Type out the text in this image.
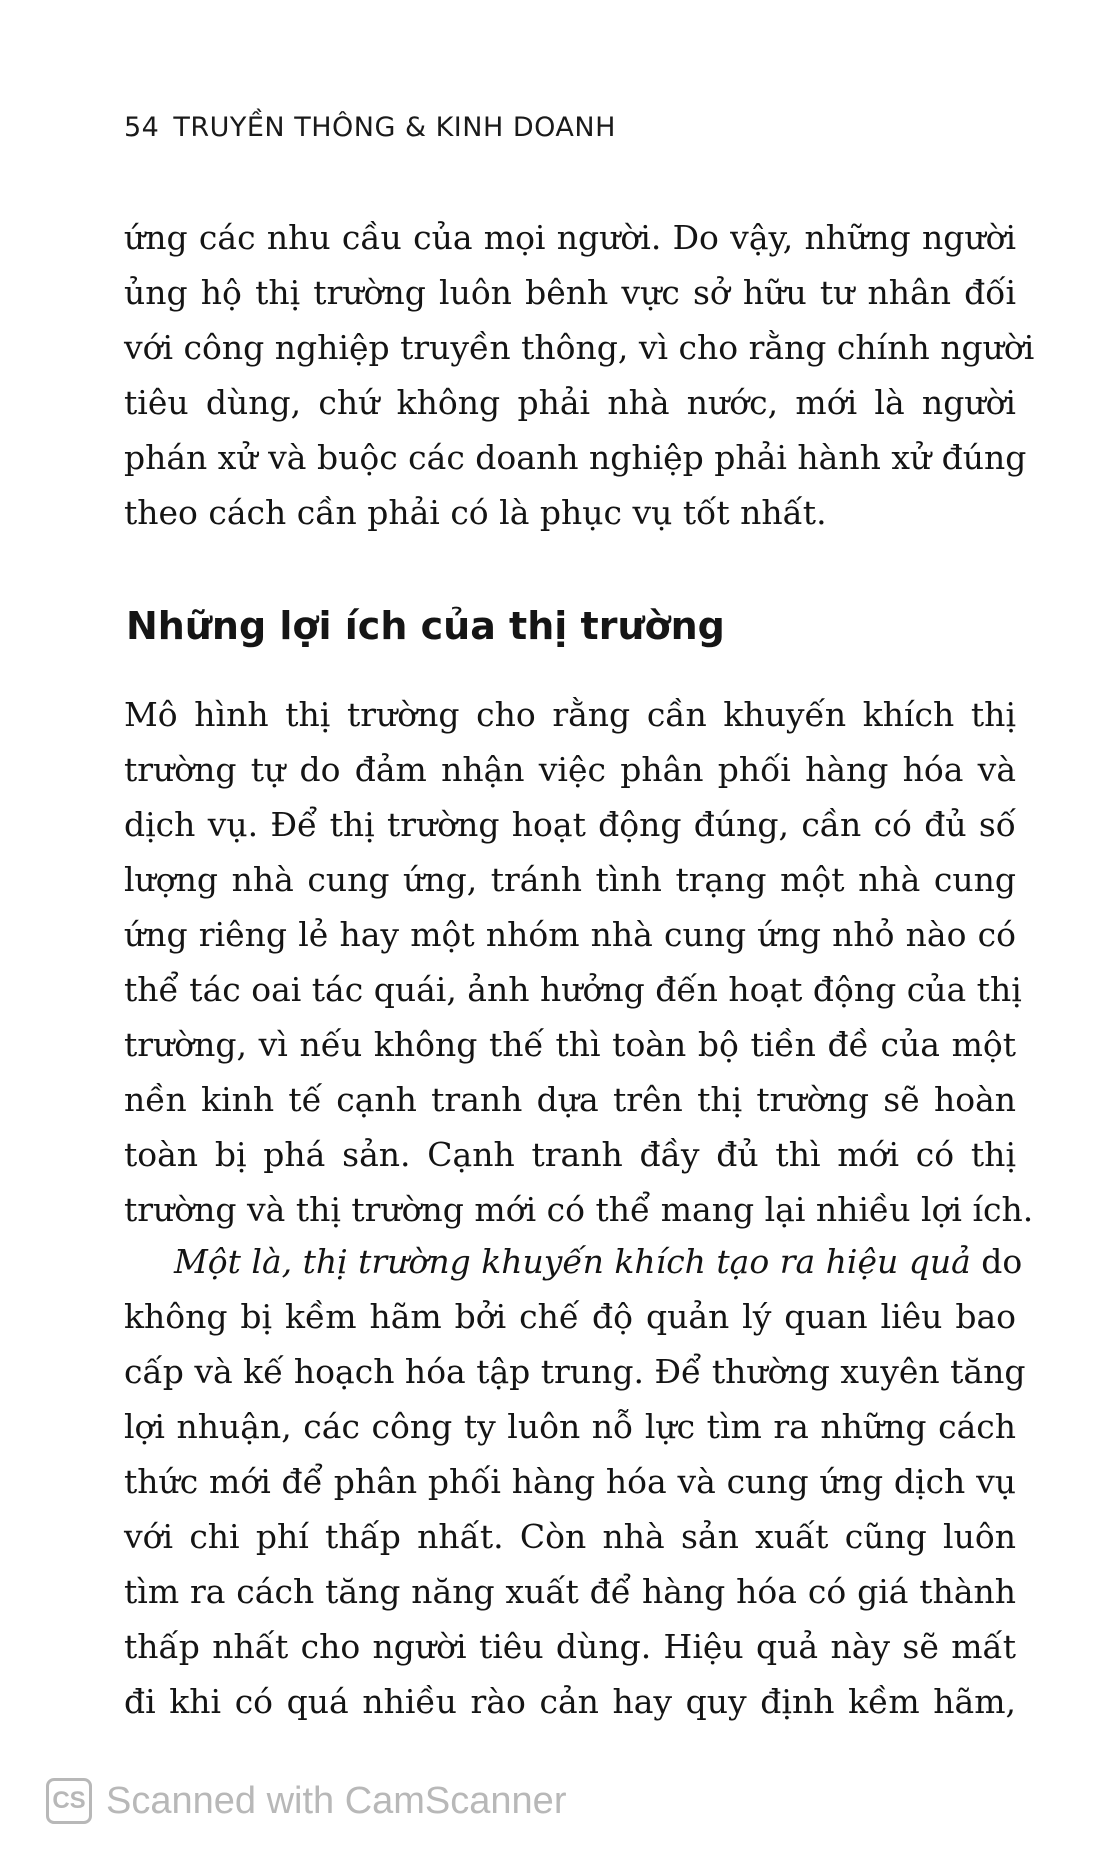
54 TRUYỀN THÔNG & KINH DOANH
ứng các nhu cầu của mọi người. Do vậy, những người
ủng hộ thị trường luôn bênh vực sở hữu tư nhân đối
với công nghiệp truyền thông, vì cho rằng chính người
tiêu dùng, chứ không phải nhà nước, mới là người
phán xử và buộc các doanh nghiệp phải hành xử đúng
theo cách cần phải có là phục vụ tốt nhất.
Những lợi ích của thị trường
Mô hình thị trường cho rằng cần khuyến khích thị
trường tự do đảm nhận việc phân phối hàng hóa và
dịch vụ. Để thị trường hoạt động đúng, cần có đủ số
lượng nhà cung ứng, tránh tình trạng một nhà cung
ứng riêng lẻ hay một nhóm nhà cung ứng nhỏ nào có
thể tác oai tác quái, ảnh hưởng đến hoạt động của thị
trường, vì nếu không thế thì toàn bộ tiền đề của một
nền kinh tế cạnh tranh dựa trên thị trường sẽ hoàn
toàn bị phá sản. Cạnh tranh đầy đủ thì mới có thị
trường và thị trường mới có thể mang lại nhiều lợi ích.
Một là, thị trường khuyến khích tạo ra hiệu quả do
không bị kềm hãm bởi chế độ quản lý quan liêu bao
cấp và kế hoạch hóa tập trung. Để thường xuyên tăng
lợi nhuận, các công ty luôn nỗ lực tìm ra những cách
thức mới để phân phối hàng hóa và cung ứng dịch vụ
với chi phí thấp nhất. Còn nhà sản xuất cũng luôn
tìm ra cách tăng năng xuất để hàng hóa có giá thành
thấp nhất cho người tiêu dùng. Hiệu quả này sẽ mất
đi khi có quá nhiều rào cản hay quy định kềm hãm,
CS Scanned with CamScanner
